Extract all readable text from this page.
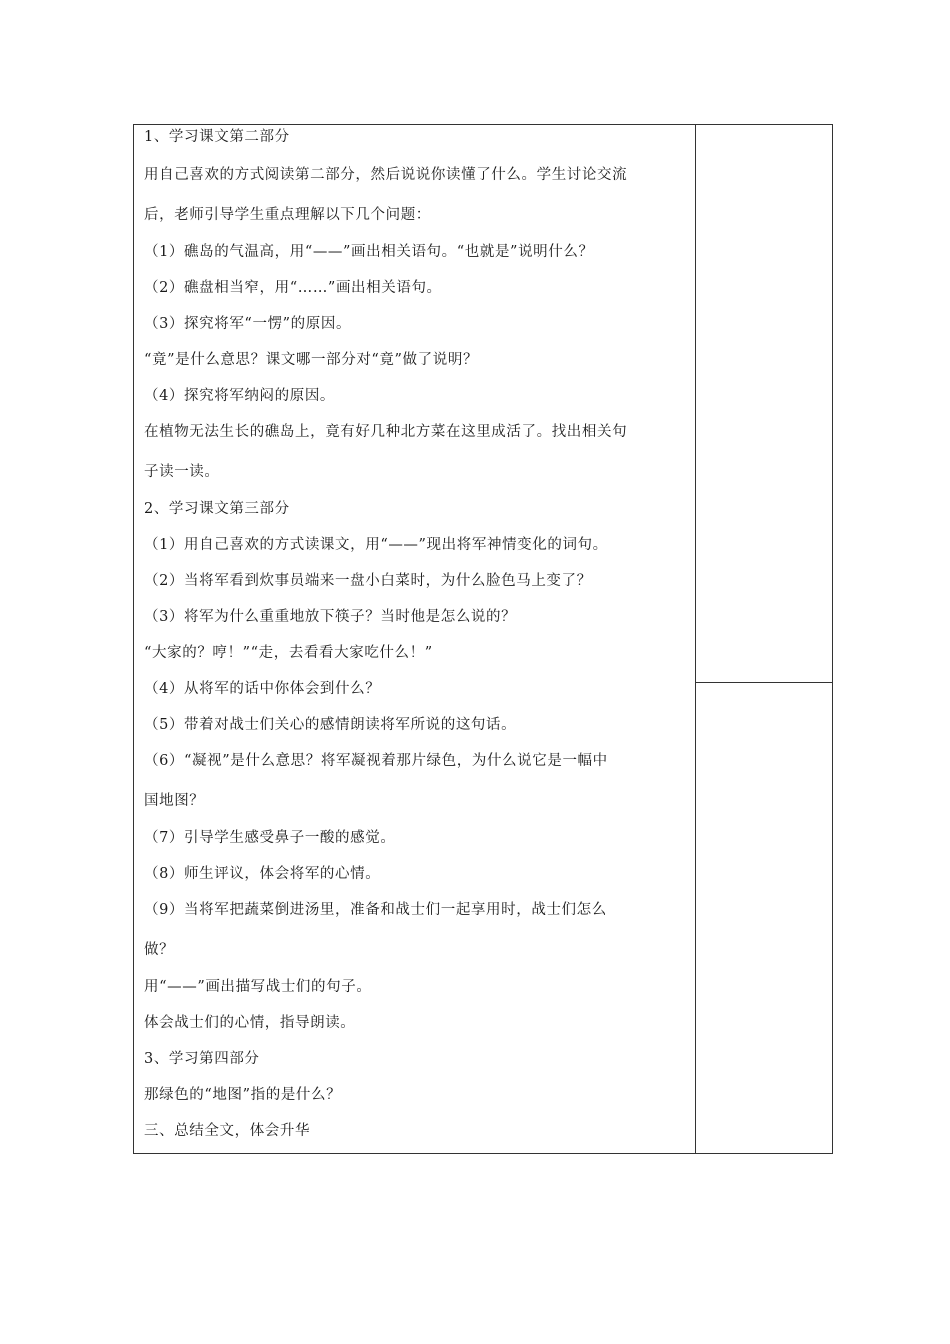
1、学习课文第二部分
用自己喜欢的方式阅读第二部分，然后说说你读懂了什么。学生讨论交流
后，老师引导学生重点理解以下几个问题：
（1）礁岛的气温高，用“——”画出相关语句。“也就是”说明什么？
（2）礁盘相当窄，用“……”画出相关语句。
（3）探究将军“一愣”的原因。
“竟”是什么意思？课文哪一部分对“竟”做了说明？
（4）探究将军纳闷的原因。
在植物无法生长的礁岛上，竟有好几种北方菜在这里成活了。找出相关句
子读一读。
2、学习课文第三部分
（1）用自己喜欢的方式读课文，用“——”现出将军神情变化的词句。
（2）当将军看到炊事员端来一盘小白菜时，为什么脸色马上变了？
（3）将军为什么重重地放下筷子？当时他是怎么说的？
“大家的？哼！”“走，去看看大家吃什么！”
（4）从将军的话中你体会到什么？
（5）带着对战士们关心的感情朗读将军所说的这句话。
（6）“凝视”是什么意思？将军凝视着那片绿色，为什么说它是一幅中
国地图？
（7）引导学生感受鼻子一酸的感觉。
（8）师生评议，体会将军的心情。
（9）当将军把蔬菜倒进汤里，准备和战士们一起享用时，战士们怎么
做？
用“——”画出描写战士们的句子。
体会战士们的心情，指导朗读。
3、学习第四部分
那绿色的“地图”指的是什么？
三、总结全文，体会升华
